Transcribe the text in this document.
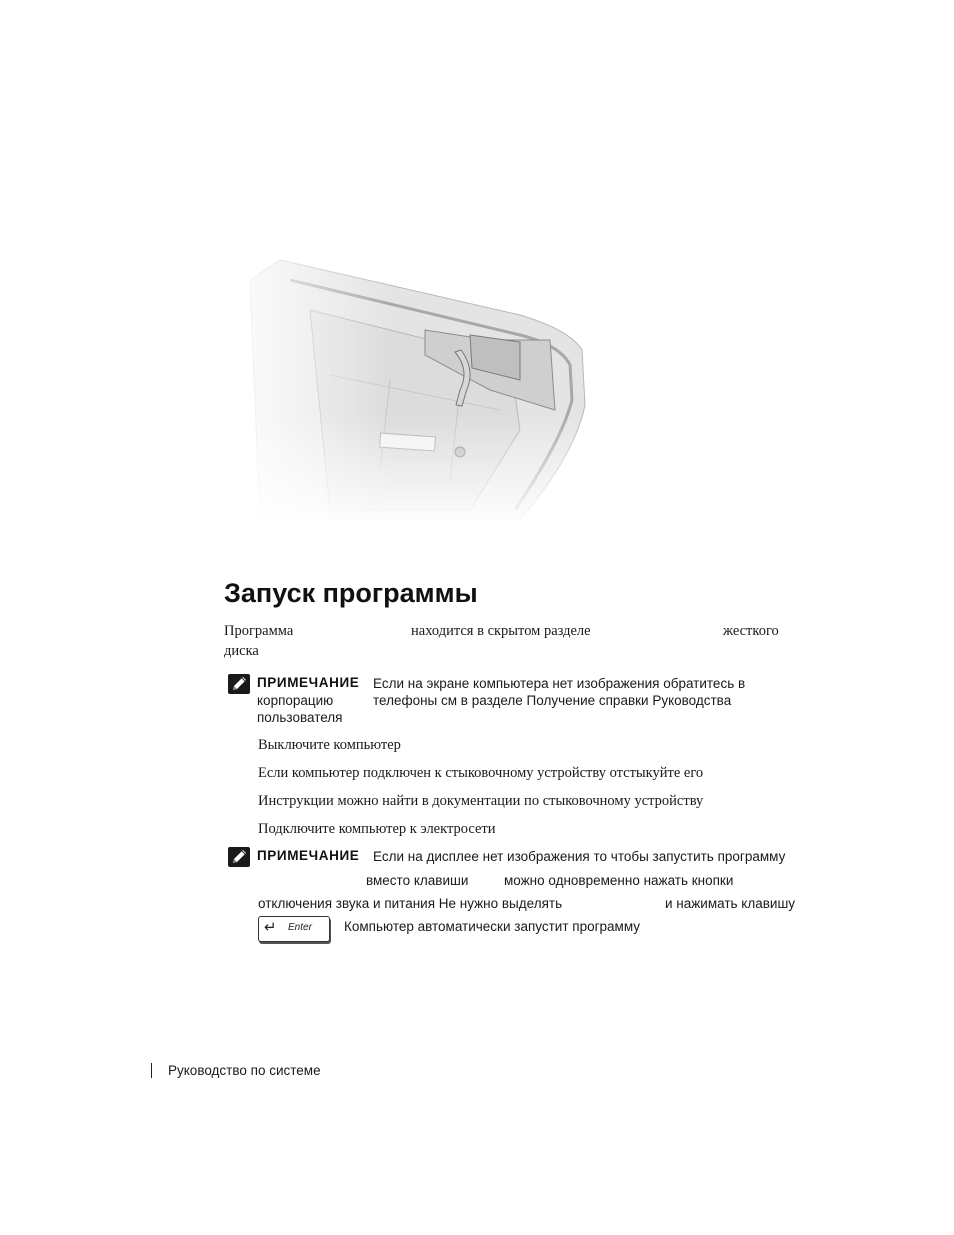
Запуск программы
Программа	находится в скрытом разделе	жесткого
диска
ПРИМЕЧАНИЕ Если на экране компьютера нет изображения обратитесь в
корпорацию	телефоны см в разделе Получение справки Руководства
пользователя
Выключите компьютер
Если компьютер подключен к стыковочному устройству отстыкуйте его
Инструкции можно найти в документации по стыковочному устройству
Подключите компьютер к электросети
ПРИМЕЧАНИЕ Если на дисплее нет изображения то чтобы запустить программу
вместо клавиши	можно одновременно нажать кнопки
отключения звука и питания Не нужно выделять	и нажимать клавишу
↵ Enter Компьютер автоматически запустит программу
Руководство по системе
